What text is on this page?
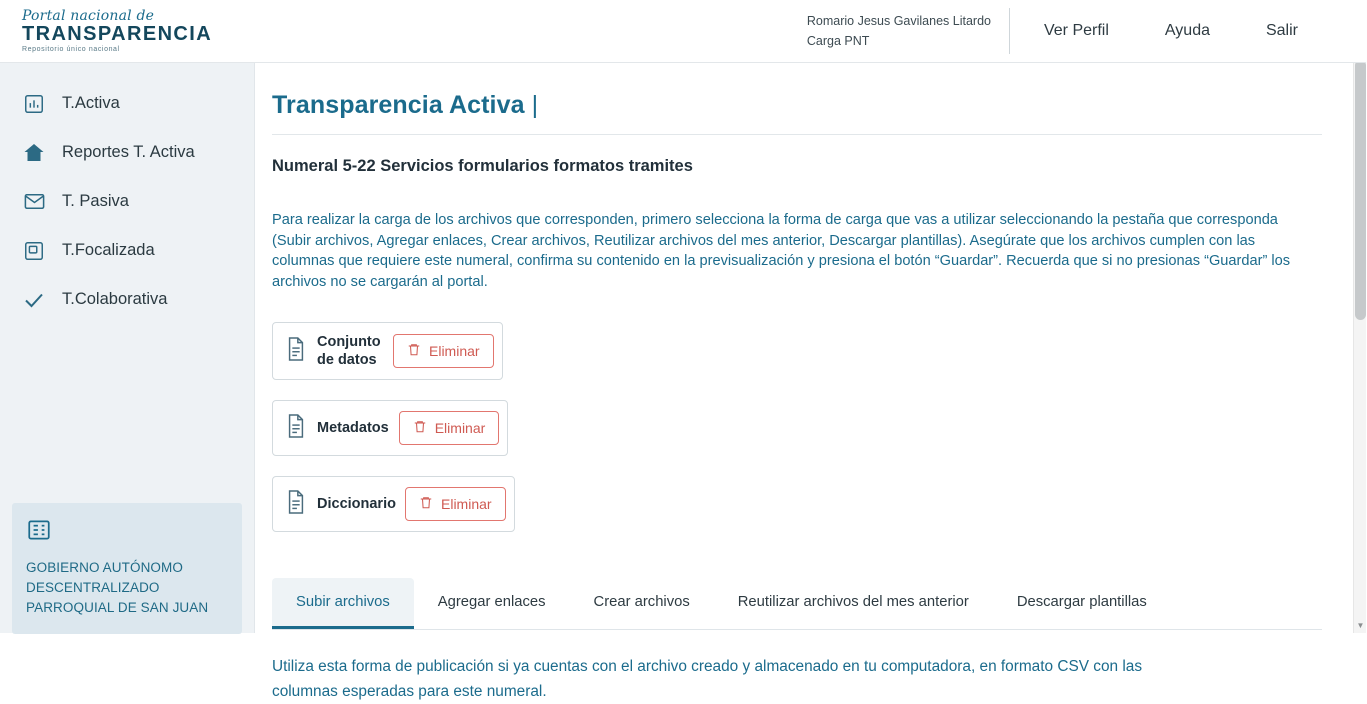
Portal nacional de
TRANSPARENCIA
Repositorio único nacional
Romario Jesus Gavilanes Litardo
Carga PNT
Ver Perfil	Ayuda	Salir
T.Activa
Reportes T. Activa
T. Pasiva
T.Focalizada
T.Colaborativa
GOBIERNO AUTÓNOMO DESCENTRALIZADO PARROQUIAL DE SAN JUAN
Transparencia Activa |
Numeral 5-22 Servicios formularios formatos tramites
Para realizar la carga de los archivos que corresponden, primero selecciona la forma de carga que vas a utilizar seleccionando la pestaña que corresponda (Subir archivos, Agregar enlaces, Crear archivos, Reutilizar archivos del mes anterior, Descargar plantillas). Asegúrate que los archivos cumplen con las columnas que requiere este numeral, confirma su contenido en la previsualización y presiona el botón “Guardar”. Recuerda que si no presionas “Guardar” los archivos no se cargarán al portal.
Conjunto de datos
Eliminar
Metadatos	Eliminar
Diccionario	Eliminar
Subir archivos	Agregar enlaces	Crear archivos	Reutilizar archivos del mes anterior	Descargar plantillas
Utiliza esta forma de publicación si ya cuentas con el archivo creado y almacenado en tu computadora, en formato CSV con las columnas esperadas para este numeral.
▼
